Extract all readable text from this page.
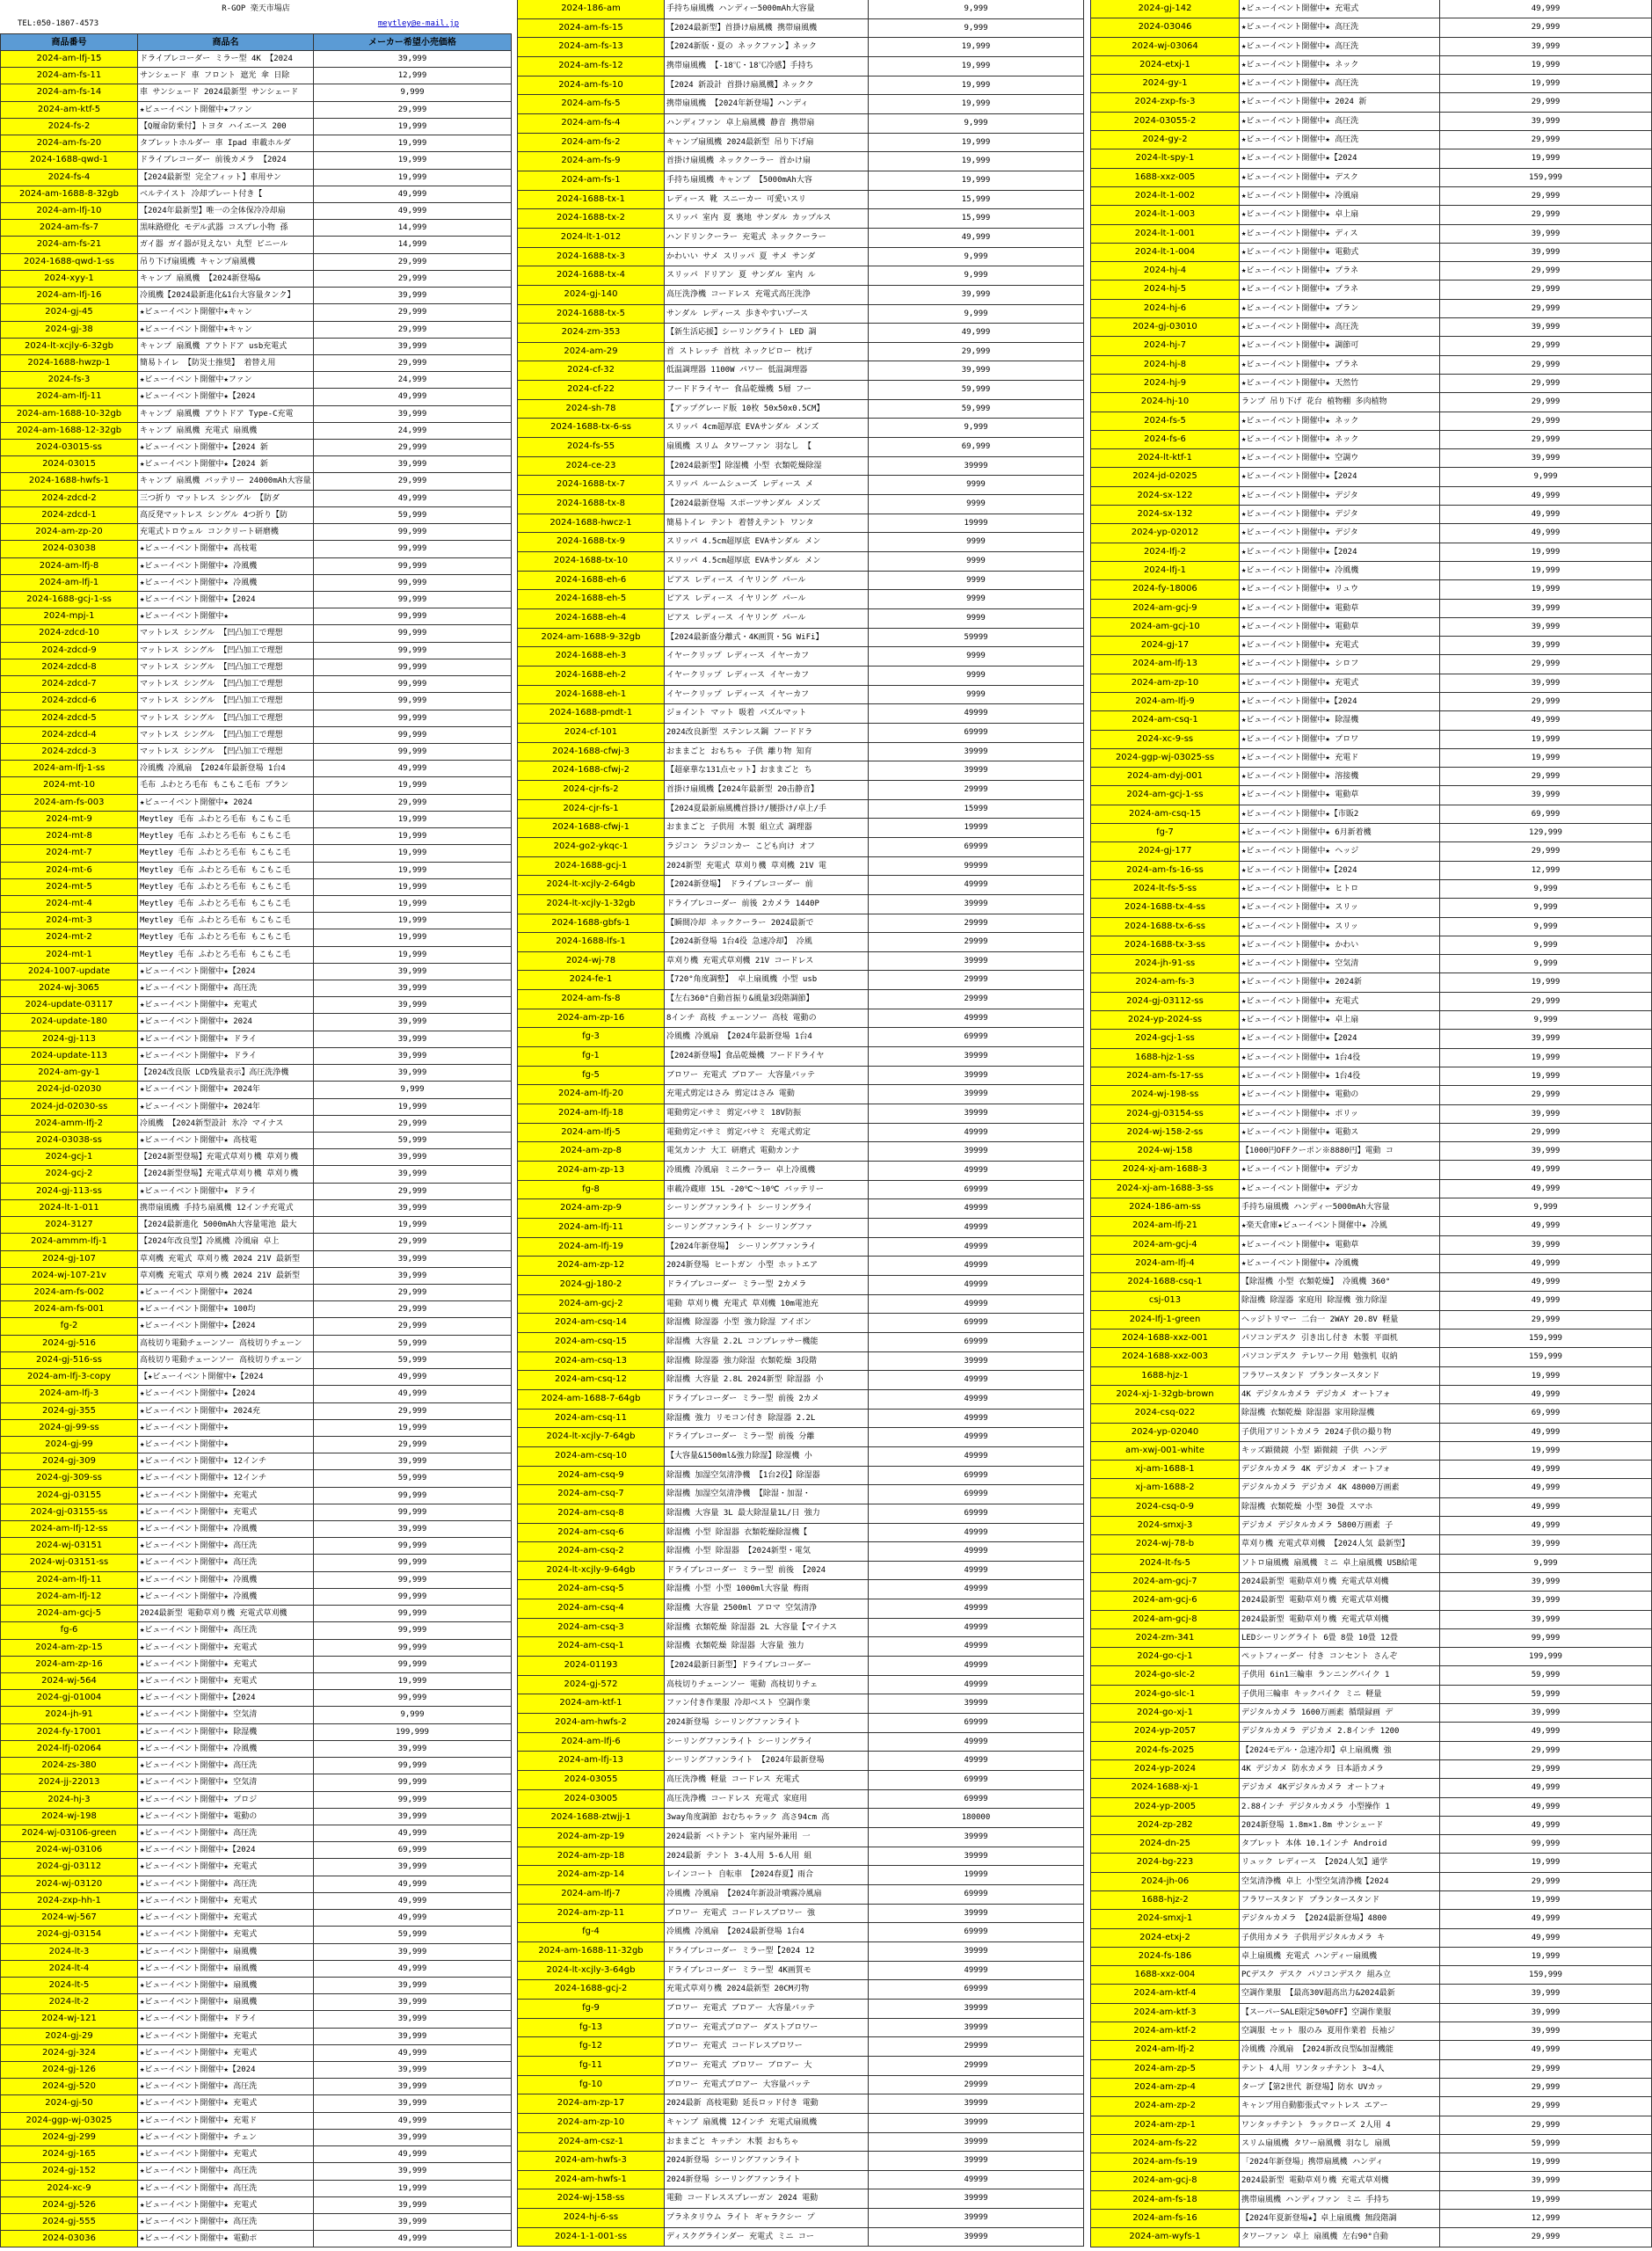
R-GOP 楽天市場店
TEL:050-1807-4573	meytley@e-mail.jp
商品番号	商品名	メーカー希望小売価格
2024-am-lfj-15	ドライブレコーダー ミラー型 4K 【2024	39,999
2024-am-fs-11	サンシェード 車 フロント 遮光 傘 日除	12,999
2024-am-fs-14	車 サンシェード 2024最新型 サンシェード	9,999
2024-am-ktf-5	★ビューイベント開催中★ファン	29,999
2024-fs-2	【Q履命防乗付】トヨタ ハイエース 200	19,999
2024-am-fs-20	タブレットホルダー 車 Ipad 車載ホルダ	19,999
2024-1688-qwd-1	ドライブレコーダー 前後カメラ 【2024	19,999
2024-fs-4	【2024最新型 完全フィット】車用サン	19,999
2024-am-1688-8-32gb	ベルテイスト 冷却プレート付き【	49,999
2024-am-lfj-10	【2024年最新型】唯一の全体保冷冷却扇	49,999
2024-am-fs-7	黒味路燈化 モデル武器 コスプレ小物 孫	14,999
2024-am-fs-21	ガイ器 ガイ器が見えない 丸型 ビニール	14,999
2024-1688-qwd-1-ss	吊り下げ扇風機 キャンプ扇風機	29,999
2024-xyy-1	キャンプ 扇風機 【2024新登場&	29,999
2024-am-lfj-16	冷風機【2024最新進化&1台大容量タンク】	39,999
2024-gj-45	★ビューイベント開催中★キャン	29,999
2024-gj-38	★ビューイベント開催中★キャン	29,999
2024-lt-xcjly-6-32gb	キャンプ 扇風機 アウトドア usb充電式	39,999
2024-1688-hwzp-1	簡易トイレ 【防災士推奨】 着替え用	29,999
2024-fs-3	★ビューイベント開催中★ファン	24,999
2024-am-lfj-11	★ビューイベント開催中★【2024	49,999
2024-am-1688-10-32gb	キャンプ 扇風機 アウトドア Type-C充電	39,999
2024-am-1688-12-32gb	キャンプ 扇風機 充電式 扇風機	24,999
2024-03015-ss	★ビューイベント開催中★【2024 新	29,999
2024-03015	★ビューイベント開催中★【2024 新	39,999
2024-1688-hwfs-1	キャンプ 扇風機 バッテリー 24000mAh大容量	29,999
2024-zdcd-2	三つ折り マットレス シングル 【防ダ	49,999
2024-zdcd-1	高反発マットレス シングル 4つ折り【防	59,999
2024-am-zp-20	充電式トロウェル コンクリート研磨機	99,999
2024-03038	★ビューイベント開催中★ 高枝電	99,999
2024-am-lfj-8	★ビューイベント開催中★ 冷風機	99,999
2024-am-lfj-1	★ビューイベント開催中★ 冷風機	99,999
2024-1688-gcj-1-ss	★ビューイベント開催中★【2024	99,999
2024-mpj-1	★ビューイベント開催中★	99,999
2024-zdcd-10	マットレス シングル 【凹凸加工で理想	99,999
2024-zdcd-9	マットレス シングル 【凹凸加工で理想	99,999
2024-zdcd-8	マットレス シングル 【凹凸加工で理想	99,999
2024-zdcd-7	マットレス シングル 【凹凸加工で理想	99,999
2024-zdcd-6	マットレス シングル 【凹凸加工で理想	99,999
2024-zdcd-5	マットレス シングル 【凹凸加工で理想	99,999
2024-zdcd-4	マットレス シングル 【凹凸加工で理想	99,999
2024-zdcd-3	マットレス シングル 【凹凸加工で理想	99,999
2024-am-lfj-1-ss	冷風機 冷風扇 【2024年最新登場 1台4	49,999
2024-mt-10	毛布 ふわとろ毛布 もこもこ毛布 ブラン	19,999
2024-am-fs-003	★ビューイベント開催中★ 2024	29,999
2024-mt-9	Meytley 毛布 ふわとろ毛布 もこもこ毛	19,999
2024-mt-8	Meytley 毛布 ふわとろ毛布 もこもこ毛	19,999
2024-mt-7	Meytley 毛布 ふわとろ毛布 もこもこ毛	19,999
2024-mt-6	Meytley 毛布 ふわとろ毛布 もこもこ毛	19,999
2024-mt-5	Meytley 毛布 ふわとろ毛布 もこもこ毛	19,999
2024-mt-4	Meytley 毛布 ふわとろ毛布 もこもこ毛	19,999
2024-mt-3	Meytley 毛布 ふわとろ毛布 もこもこ毛	19,999
2024-mt-2	Meytley 毛布 ふわとろ毛布 もこもこ毛	19,999
2024-mt-1	Meytley 毛布 ふわとろ毛布 もこもこ毛	19,999
2024-1007-update	★ビューイベント開催中★【2024	39,999
2024-wj-3065	★ビューイベント開催中★ 高圧洗	39,999
2024-update-03117	★ビューイベント開催中★ 充電式	39,999
2024-update-180	★ビューイベント開催中★ 2024	39,999
2024-gj-113	★ビューイベント開催中★ ドライ	39,999
2024-update-113	★ビューイベント開催中★ ドライ	39,999
2024-am-gy-1	【2024改良版 LCD残量表示】高圧洗浄機	39,999
2024-jd-02030	★ビューイベント開催中★ 2024年	9,999
2024-jd-02030-ss	★ビューイベント開催中★ 2024年	19,999
2024-amm-lfj-2	冷風機 【2024新型設計 氷冷 マイナス	29,999
2024-03038-ss	★ビューイベント開催中★ 高枝電	59,999
2024-gcj-1	【2024新型登場】充電式草刈り機 草刈り機	39,999
2024-gcj-2	【2024新型登場】充電式草刈り機 草刈り機	39,999
2024-gj-113-ss	★ビューイベント開催中★ ドライ	29,999
2024-lt-1-011	携帯扇風機 手持ち扇風機 12インチ充電式	39,999
2024-3127	【2024最新進化 5000mAh大容量電池 最大	19,999
2024-ammm-lfj-1	【2024年改良型】冷風機 冷風扇 卓上	29,999
2024-gj-107	草刈機 充電式 草刈り機 2024 21V 最新型	39,999
2024-wj-107-21v	草刈機 充電式 草刈り機 2024 21V 最新型	39,999
2024-am-fs-002	★ビューイベント開催中★ 2024	29,999
2024-am-fs-001	★ビューイベント開催中★ 100均	29,999
fg-2	★ビューイベント開催中★【2024	29,999
2024-gj-516	高枝切り電動チェーンソー 高枝切りチェーン	59,999
2024-gj-516-ss	高枝切り電動チェーンソー 高枝切りチェーン	59,999
2024-am-lfj-3-copy	【★ビューイベント開催中★【2024	49,999
2024-am-lfj-3	★ビューイベント開催中★【2024	49,999
2024-gj-355	★ビューイベント開催中★ 2024充	29,999
2024-gj-99-ss	★ビューイベント開催中★	19,999
2024-gj-99	★ビューイベント開催中★	29,999
2024-gj-309	★ビューイベント開催中★ 12インチ	39,999
2024-gj-309-ss	★ビューイベント開催中★ 12インチ	59,999
2024-gj-03155	★ビューイベント開催中★ 充電式	99,999
2024-gj-03155-ss	★ビューイベント開催中★ 充電式	99,999
2024-am-lfj-12-ss	★ビューイベント開催中★ 冷風機	39,999
2024-wj-03151	★ビューイベント開催中★ 高圧洗	99,999
2024-wj-03151-ss	★ビューイベント開催中★ 高圧洗	99,999
2024-am-lfj-11	★ビューイベント開催中★ 冷風機	99,999
2024-am-lfj-12	★ビューイベント開催中★ 冷風機	99,999
2024-am-gcj-5	2024最新型 電動草刈り機 充電式草刈機	99,999
fg-6	★ビューイベント開催中★ 高圧洗	99,999
2024-am-zp-15	★ビューイベント開催中★ 充電式	99,999
2024-am-zp-16	★ビューイベント開催中★ 充電式	99,999
2024-wj-564	★ビューイベント開催中★ 充電式	19,999
2024-gj-01004	★ビューイベント開催中★【2024	99,999
2024-jh-91	★ビューイベント開催中★ 空気清	9,999
2024-fy-17001	★ビューイベント開催中★ 除湿機	199,999
2024-lfj-02064	★ビューイベント開催中★ 冷風機	39,999
2024-zs-380	★ビューイベント開催中★ 高圧洗	99,999
2024-jj-22013	★ビューイベント開催中★ 空気清	99,999
2024-hj-3	★ビューイベント開催中★ プロジ	99,999
2024-wj-198	★ビューイベント開催中★ 電動の	39,999
2024-wj-03106-green	★ビューイベント開催中★ 高圧洗	49,999
2024-wj-03106	★ビューイベント開催中★【2024	69,999
2024-gj-03112	★ビューイベント開催中★ 充電式	39,999
2024-wj-03120	★ビューイベント開催中★ 高圧洗	49,999
2024-zxp-hh-1	★ビューイベント開催中★ 充電式	49,999
2024-wj-567	★ビューイベント開催中★ 充電式	49,999
2024-gj-03154	★ビューイベント開催中★ 充電式	59,999
2024-lt-3	★ビューイベント開催中★ 扇風機	39,999
2024-lt-4	★ビューイベント開催中★ 扇風機	49,999
2024-lt-5	★ビューイベント開催中★ 扇風機	39,999
2024-lt-2	★ビューイベント開催中★ 扇風機	39,999
2024-wj-121	★ビューイベント開催中★ ドライ	39,999
2024-gj-29	★ビューイベント開催中★ 充電式	39,999
2024-gj-324	★ビューイベント開催中★ 充電式	49,999
2024-gj-126	★ビューイベント開催中★【2024	39,999
2024-gj-520	★ビューイベント開催中★ 高圧洗	39,999
2024-gj-50	★ビューイベント開催中★ 充電式	39,999
2024-ggp-wj-03025	★ビューイベント開催中★ 充電ド	49,999
2024-gj-299	★ビューイベント開催中★ チェン	39,999
2024-gj-165	★ビューイベント開催中★ 充電式	49,999
2024-gj-152	★ビューイベント開催中★ 高圧洗	39,999
2024-xc-9	★ビューイベント開催中★ 高圧洗	19,999
2024-gj-526	★ビューイベント開催中★ 充電式	39,999
2024-gj-555	★ビューイベント開催中★ 高圧洗	39,999
2024-03036	★ビューイベント開催中★ 電動ポ	49,999
2024-186-am	手持ち扇風機 ハンディー5000mAh大容量	9,999
2024-am-fs-15	【2024最新型】首掛け扇風機 携帯扇風機	9,999
2024-am-fs-13	【2024新版・夏の ネックファン】ネック	19,999
2024-am-fs-12	携帯扇風機 【-18℃・18℃冷感】手持ち	19,999
2024-am-fs-10	【2024 新設計 首掛け扇風機】ネックク	19,999
2024-am-fs-5	携帯扇風機 【2024年新登場】ハンディ	19,999
2024-am-fs-4	ハンディファン 卓上扇風機 静音 携帯扇	9,999
2024-am-fs-2	キャンプ扇風機 2024最新型 吊り下げ扇	19,999
2024-am-fs-9	首掛け扇風機 ネッククーラー 首かけ扇	19,999
2024-am-fs-1	手持ち扇風機 キャンプ 【5000mAh大容	19,999
2024-1688-tx-1	レディース 靴 スニーカー 可愛いスリ	15,999
2024-1688-tx-2	スリッパ 室内 夏 裏地 サンダル カップルス	15,999
2024-lt-1-012	ハンドリンクーラー 充電式 ネッククーラー	49,999
2024-1688-tx-3	かわいい サメ スリッパ 夏 サメ サンダ	9,999
2024-1688-tx-4	スリッパ ドリアン 夏 サンダル 室内 ル	9,999
2024-gj-140	高圧洗浄機 コードレス 充電式高圧洗浄	39,999
2024-1688-tx-5	サンダル レディース 歩きやすいプース	9,999
2024-zm-353	【新生活応援】シーリングライト LED 調	49,999
2024-am-29	首 ストレッチ 首枕 ネックピロー 枕げ	29,999
2024-cf-32	低温調理器 1100W パワー 低温調理器	39,999
2024-cf-22	フードドライヤー 食品乾燥機 5層 フー	59,999
2024-sh-78	【アップグレード版 10枚 50x50x0.5CM】	59,999
2024-1688-tx-6-ss	スリッパ 4cm超厚底 EVAサンダル メンズ	9,999
2024-fs-55	扇風機 スリム タワーファン 羽なし 【	69,999
2024-ce-23	【2024最新型】除湿機 小型 衣類乾燥除湿	39999
2024-1688-tx-7	スリッパ ルームシューズ レディース メ	9999
2024-1688-tx-8	【2024最新登場 スポーツサンダル メンズ	9999
2024-1688-hwcz-1	簡易トイレ テント 着替えテント ワンタ	19999
2024-1688-tx-9	スリッパ 4.5cm超厚底 EVAサンダル メン	9999
2024-1688-tx-10	スリッパ 4.5cm超厚底 EVAサンダル メン	9999
2024-1688-eh-6	ピアス レディース イヤリング パール	9999
2024-1688-eh-5	ピアス レディース イヤリング パール	9999
2024-1688-eh-4	ピアス レディース イヤリング パール	9999
2024-am-1688-9-32gb	【2024最新盛分離式・4K画質・5G WiFi】	59999
2024-1688-eh-3	イヤークリップ レディース イヤーカフ	9999
2024-1688-eh-2	イヤークリップ レディース イヤーカフ	9999
2024-1688-eh-1	イヤークリップ レディース イヤーカフ	9999
2024-1688-pmdt-1	ジョイント マット 吸着 パズルマット	49999
2024-cf-101	2024改良新型 ステンレス鋼 フードドラ	69999
2024-1688-cfwj-3	おままごと おもちゃ 子供 離り物 知育	39999
2024-1688-cfwj-2	【超豪華な131点セット】おままごと ち	39999
2024-cjr-fs-2	首掛け扇風機【2024年最新型 20击静音】	29999
2024-cjr-fs-1	【2024夏最新扇風機首掛け/腰掛け/卓上/手	15999
2024-1688-cfwj-1	おままごと 子供用 木製 組立式 調理器	19999
2024-go2-ykqc-1	ラジコン ラジコンカー こども向け オフ	69999
2024-1688-gcj-1	2024新型 充電式 草刈り機 草刈機 21V 電	99999
2024-lt-xcjly-2-64gb	【2024新登場】 ドライブレコーダー 前	49999
2024-lt-xcjly-1-32gb	ドライブレコーダー 前後 2カメラ 1440P	39999
2024-1688-gbfs-1	【瞬間冷却 ネッククーラー 2024最新で	29999
2024-1688-lfs-1	【2024新登場 1台4役 急速冷却】 冷風	29999
2024-wj-78	草刈り機 充電式草刈機 21V コードレス	39999
2024-fe-1	【720°角度調整】 卓上扇風機 小型 usb	29999
2024-am-fs-8	【左右360°自動首振り&風量3段階調節】	29999
2024-am-zp-16	8インチ 高枝 チェーンソー 高枝 電動の	49999
fg-3	冷風機 冷風扇 【2024年最新登場 1台4	69999
fg-1	【2024新登場】食品乾燥機 フードドライヤ	39999
fg-5	ブロワー 充電式 ブロアー 大容量バッテ	39999
2024-am-lfj-20	充電式剪定はさみ 剪定はさみ 電動	39999
2024-am-lfj-18	電動剪定バサミ 剪定バサミ 18V防振	39999
2024-am-lfj-5	電動剪定バサミ 剪定バサミ 充電式剪定	49999
2024-am-zp-8	電気カンナ 大工 研磨式 電動カンナ	39999
2024-am-zp-13	冷風機 冷風扇 ミニクーラー 卓上冷風機	49999
fg-8	車載冷蔵庫 15L -20℃～10℃ バッテリー	69999
2024-am-zp-9	シーリングファンライト シーリングライ	49999
2024-am-lfj-11	シーリングファンライト シーリングファ	49999
2024-am-lfj-19	【2024年新登場】 シーリングファンライ	49999
2024-am-zp-12	2024新登場 ヒートガン 小型 ホットエア	49999
2024-gj-180-2	ドライブレコーダー ミラー型 2カメラ	49999
2024-am-gcj-2	電動 草刈り機 充電式 草刈機 10m電池充	49999
2024-am-csq-14	除湿機 除湿器 小型 強力除湿 アイボン	69999
2024-am-csq-15	除湿機 大容量 2.2L コンプレッサー機能	69999
2024-am-csq-13	除湿機 除湿器 強力除湿 衣類乾燥 3段階	39999
2024-am-csq-12	除湿機 大容量 2.8L 2024新型 除湿器 小	49999
2024-am-1688-7-64gb	ドライブレコーダー ミラー型 前後 2カメ	49999
2024-am-csq-11	除湿機 強力 リモコン付き 除湿器 2.2L	49999
2024-lt-xcjly-7-64gb	ドライブレコーダー ミラー型 前後 分離	49999
2024-am-csq-10	【大容量&1500ml&強力除湿】除湿機 小	49999
2024-am-csq-9	除湿機 加湿空気清浄機 【1台2役】除湿器	69999
2024-am-csq-7	除湿機 加湿空気清浄機 【除湿・加湿・	69999
2024-am-csq-8	除湿機 大容量 3L 最大除湿量1L/日 強力	69999
2024-am-csq-6	除湿機 小型 除湿器 衣類乾燥除湿機【	49999
2024-am-csq-2	除湿機 小型 除湿器 【2024新型・電気	49999
2024-lt-xcjly-9-64gb	ドライブレコーダー ミラー型 前後 【2024	49999
2024-am-csq-5	除湿機 小型 小型 1000ml大容量 梅雨	49999
2024-am-csq-4	除湿機 大容量 2500ml アロマ 空気清浄	49999
2024-am-csq-3	除湿機 衣類乾燥 除湿器 2L 大容量【マイナス	49999
2024-am-csq-1	除湿機 衣類乾燥 除湿器 大容量 強力	49999
2024-01193	【2024最新日新型】ドライブレコーダー	49999
2024-gj-572	高枝切りチェーンソー 電動 高枝切りチェ	49999
2024-am-ktf-1	ファン付き作業服 冷却ベスト 空調作業	39999
2024-am-hwfs-2	2024新登場 シーリングファンライト	69999
2024-am-lfj-6	シーリングファンライト シーリングライ	49999
2024-am-lfj-13	シーリングファンライト 【2024年最新登場	49999
2024-03055	高圧洗浄機 軽量 コードレス 充電式	69999
2024-03005	高圧洗浄機 コードレス 充電式 家庭用	69999
2024-1688-ztwjj-1	3way角度調節 おむちゃラック 高さ94cm 高	180000
2024-am-zp-19	2024最新 ベトテント 室内屋外兼用 一	39999
2024-am-zp-18	2024最新 テント 3-4人用 5-6人用 組	39999
2024-am-zp-14	レインコート 自転車 【2024春夏】雨合	19999
2024-am-lfj-7	冷風機 冷風扇 【2024年新設計噴霧冷風扇	69999
2024-am-zp-11	ブロワー 充電式 コードレスブロワー 強	39999
fg-4	冷風機 冷風扇 【2024最新登場 1台4	69999
2024-am-1688-11-32gb	ドライブレコーダー ミラー型【2024 12	39999
2024-lt-xcjly-3-64gb	ドライブレコーダー ミラー型 4K画質モ	49999
2024-1688-gcj-2	充電式草刈り機 2024最新型 20CM刃物	69999
fg-9	ブロワー 充電式 ブロアー 大容量バッテ	39999
fg-13	ブロワー 充電式ブロアー ダストブロワー	39999
fg-12	ブロワー 充電式 コードレスブロワー	29999
fg-11	ブロワー 充電式 ブロワー ブロアー 大	29999
fg-10	ブロワー 充電式ブロアー 大容量バッテ	29999
2024-am-zp-17	2024最新 高枝電動 延長ロッド付き 電動	39999
2024-am-zp-10	キャンプ 扇風機 12インチ 充電式扇風機	39999
2024-am-csz-1	おままごと キッチン 木製 おもちゃ	39999
2024-am-hwfs-3	2024新登場 シーリングファンライト	39999
2024-am-hwfs-1	2024新登場 シーリングファンライト	49999
2024-wj-158-ss	電動 コードレススプレーガン 2024 電動	39999
2024-hj-6-ss	プラネタリウム ライト ギャラクシー プ	39999
2024-1-1-001-ss	ディスクグラインダー 充電式 ミニ コー	39999
2024-gj-142	★ビューイベント開催中★ 充電式	49,999
2024-03046	★ビューイベント開催中★ 高圧洗	29,999
2024-wj-03064	★ビューイベント開催中★ 高圧洗	39,999
2024-etxj-1	★ビューイベント開催中★ ネック	19,999
2024-gy-1	★ビューイベント開催中★ 高圧洗	19,999
2024-zxp-fs-3	★ビューイベント開催中★ 2024 新	29,999
2024-03055-2	★ビューイベント開催中★ 高圧洗	39,999
2024-gy-2	★ビューイベント開催中★ 高圧洗	29,999
2024-lt-spy-1	★ビューイベント開催中★【2024	19,999
1688-xxz-005	★ビューイベント開催中★ デスク	159,999
2024-lt-1-002	★ビューイベント開催中★ 冷風扇	29,999
2024-lt-1-003	★ビューイベント開催中★ 卓上扇	29,999
2024-lt-1-001	★ビューイベント開催中★ ディス	39,999
2024-lt-1-004	★ビューイベント開催中★ 電動式	39,999
2024-hj-4	★ビューイベント開催中★ プラネ	29,999
2024-hj-5	★ビューイベント開催中★ プラネ	29,999
2024-hj-6	★ビューイベント開催中★ プラン	29,999
2024-gj-03010	★ビューイベント開催中★ 高圧洗	39,999
2024-hj-7	★ビューイベント開催中★ 調節可	29,999
2024-hj-8	★ビューイベント開催中★ プラネ	29,999
2024-hj-9	★ビューイベント開催中★ 天然竹	29,999
2024-hj-10	ランプ 吊り下げ 花台 植物棚 多肉植物	29,999
2024-fs-5	★ビューイベント開催中★ ネック	29,999
2024-fs-6	★ビューイベント開催中★ ネック	29,999
2024-lt-ktf-1	★ビューイベント開催中★ 空調ウ	39,999
2024-jd-02025	★ビューイベント開催中★【2024	9,999
2024-sx-122	★ビューイベント開催中★ デジタ	49,999
2024-sx-132	★ビューイベント開催中★ デジタ	49,999
2024-yp-02012	★ビューイベント開催中★ デジタ	49,999
2024-lfj-2	★ビューイベント開催中★【2024	19,999
2024-lfj-1	★ビューイベント開催中★ 冷風機	19,999
2024-fy-18006	★ビューイベント開催中★ リュウ	19,999
2024-am-gcj-9	★ビューイベント開催中★ 電動草	39,999
2024-am-gcj-10	★ビューイベント開催中★ 電動草	39,999
2024-gj-17	★ビューイベント開催中★ 充電式	39,999
2024-am-lfj-13	★ビューイベント開催中★ シロフ	29,999
2024-am-zp-10	★ビューイベント開催中★ 充電式	39,999
2024-am-lfj-9	★ビューイベント開催中★【2024	29,999
2024-am-csq-1	★ビューイベント開催中★ 除湿機	49,999
2024-xc-9-ss	★ビューイベント開催中★ プロワ	19,999
2024-ggp-wj-03025-ss	★ビューイベント開催中★ 充電ド	19,999
2024-am-dyj-001	★ビューイベント開催中★ 溶接機	29,999
2024-am-gcj-1-ss	★ビューイベント開催中★ 電動草	39,999
2024-am-csq-15	★ビューイベント開催中★【市販2	69,999
fg-7	★ビューイベント開催中★ 6月新着機	129,999
2024-gj-177	★ビューイベント開催中★ ヘッジ	29,999
2024-am-fs-16-ss	★ビューイベント開催中★【2024	12,999
2024-lt-fs-5-ss	★ビューイベント開催中★ ヒトロ	9,999
2024-1688-tx-4-ss	★ビューイベント開催中★ スリッ	9,999
2024-1688-tx-6-ss	★ビューイベント開催中★ スリッ	9,999
2024-1688-tx-3-ss	★ビューイベント開催中★ かわい	9,999
2024-jh-91-ss	★ビューイベント開催中★ 空気清	9,999
2024-am-fs-3	★ビューイベント開催中★ 2024新	19,999
2024-gj-03112-ss	★ビューイベント開催中★ 充電式	29,999
2024-yp-2024-ss	★ビューイベント開催中★ 卓上扇	9,999
2024-gcj-1-ss	★ビューイベント開催中★【2024	39,999
1688-hjz-1-ss	★ビューイベント開催中★ 1台4役	19,999
2024-am-fs-17-ss	★ビューイベント開催中★ 1台4役	19,999
2024-wj-198-ss	★ビューイベント開催中★ 電動の	29,999
2024-gj-03154-ss	★ビューイベント開催中★ ポリッ	39,999
2024-wj-158-2-ss	★ビューイベント開催中★ 電動ス	29,999
2024-wj-158	【1000円OFFクーポン※8880円】電動 コ	39,999
2024-xj-am-1688-3	★ビューイベント開催中★ デジカ	49,999
2024-xj-am-1688-3-ss	★ビューイベント開催中★ デジカ	49,999
2024-186-am-ss	手持ち扇風機 ハンディー5000mAh大容量	9,999
2024-am-lfj-21	★楽天倉庫★ビューイベント開催中★ 冷風	49,999
2024-am-gcj-4	★ビューイベント開催中★ 電動草	39,999
2024-am-lfj-4	★ビューイベント開催中★ 冷風機	49,999
2024-1688-csq-1	【除湿機 小型 衣類乾燥】 冷風機 360°	49,999
csj-013	除湿機 除湿器 家庭用 除湿機 強力除湿	49,999
2024-lfj-1-green	ヘッジトリマー 二台一 2WAY 20.8V 軽量	29,999
2024-1688-xxz-001	パソコンデスク 引き出し付き 木製 平面机	159,999
2024-1688-xxz-003	パソコンデスク テレワーク用 勉強机 収納	159,999
1688-hjz-1	フラワースタンド プランタースタンド	19,999
2024-xj-1-32gb-brown	4K デジタルカメラ デジカメ オートフォ	49,999
2024-csq-022	除湿機 衣類乾燥 除湿器 家用除湿機	69,999
2024-yp-02040	子供用アリントカメラ 2024子供の撮り物	49,999
am-xwj-001-white	キッズ顕微鏡 小型 顕微鏡 子供 ハンデ	19,999
xj-am-1688-1	デジタルカメラ 4K デジカメ オートフォ	49,999
xj-am-1688-2	デジタルカメラ デジカメ 4K 48000万画素	49,999
2024-csq-0-9	除湿機 衣類乾燥 小型 30畳 スマホ	49,999
2024-smxj-3	デジカメ デジタルカメラ 5800万画素 子	49,999
2024-wj-78-b	草刈り機 充電式草刈機 【2024人気 最新型】	39,999
2024-lt-fs-5	ソトロ扇風機 扇風機 ミニ 卓上扇風機 USB給電	9,999
2024-am-gcj-7	2024最新型 電動草刈り機 充電式草刈機	39,999
2024-am-gcj-6	2024最新型 電動草刈り機 充電式草刈機	39,999
2024-am-gcj-8	2024最新型 電動草刈り機 充電式草刈機	39,999
2024-zm-341	LEDシーリングライト 6畳 8畳 10畳 12畳	99,999
2024-go-cj-1	ペットフィーダー 付き コンセント さんぞ	199,999
2024-go-slc-2	子供用 6in1三輪車 ランニングバイク 1	59,999
2024-go-slc-1	子供用三輪車 キックバイク ミニ 軽量	59,999
2024-go-xj-1	デジタルカメラ 1600万画素 循環録画 デ	39,999
2024-yp-2057	デジタルカメラ デジカメ 2.8インチ 1200	49,999
2024-fs-2025	【2024モデル・急速冷却】卓上扇風機 強	29,999
2024-yp-2024	4K デジカメ 防水カメラ 日本語カメラ	29,999
2024-1688-xj-1	デジカメ 4Kデジタルカメラ オートフォ	49,999
2024-yp-2005	2.88インチ デジタルカメラ 小型操作 1	49,999
2024-zp-282	2024新登場 1.8m×1.8m サンシェード	49,999
2024-dn-25	タブレット 本体 10.1インチ Android	99,999
2024-bg-223	リュック レディース 【2024人気】通学	19,999
2024-jh-06	空気清浄機 卓上 小型空気清浄機【2024	29,999
1688-hjz-2	フラワースタンド プランタースタンド	19,999
2024-smxj-1	デジタルカメラ 【2024最新登場】4800	49,999
2024-etxj-2	子供用カメラ 子供用デジタルカメラ キ	49,999
2024-fs-186	卓上扇風機 充電式 ハンディー扇風機	19,999
1688-xxz-004	PCデスク デスク パソコンデスク 組み立	159,999
2024-am-ktf-4	空調作業服 【最高30V超高出力&2024最新	39,999
2024-am-ktf-3	【スーパーSALE限定50%OFF】空調作業服	39,999
2024-am-ktf-2	空調服 セット 服のみ 夏用作業着 長袖ジ	39,999
2024-am-lfj-2	冷風機 冷風扇 【2024新改良型&加湿機能	49,999
2024-am-zp-5	テント 4人用 ワンタッチテント 3~4人	29,999
2024-am-zp-4	タープ【第2世代 新登場】防水 UVカッ	29,999
2024-am-zp-2	キャンプ用自動膨張式マットレス エアー	29,999
2024-am-zp-1	ワンタッチテント ラックローズ 2人用 4	29,999
2024-am-fs-22	スリム扇風機 タワー扇風機 羽なし 扇風	59,999
2024-am-fs-19	「2024年新登場」携帯扇風機 ハンディ	19,999
2024-am-gcj-8	2024最新型 電動草刈り機 充電式草刈機	39,999
2024-am-fs-18	携帯扇風機 ハンディファン ミニ 手持ち	19,999
2024-am-fs-16	【2024年夏新登場★】卓上扇風機 無段階調	12,999
2024-am-wyfs-1	タワーファン 卓上 扇風機 左右90°自動	29,999
